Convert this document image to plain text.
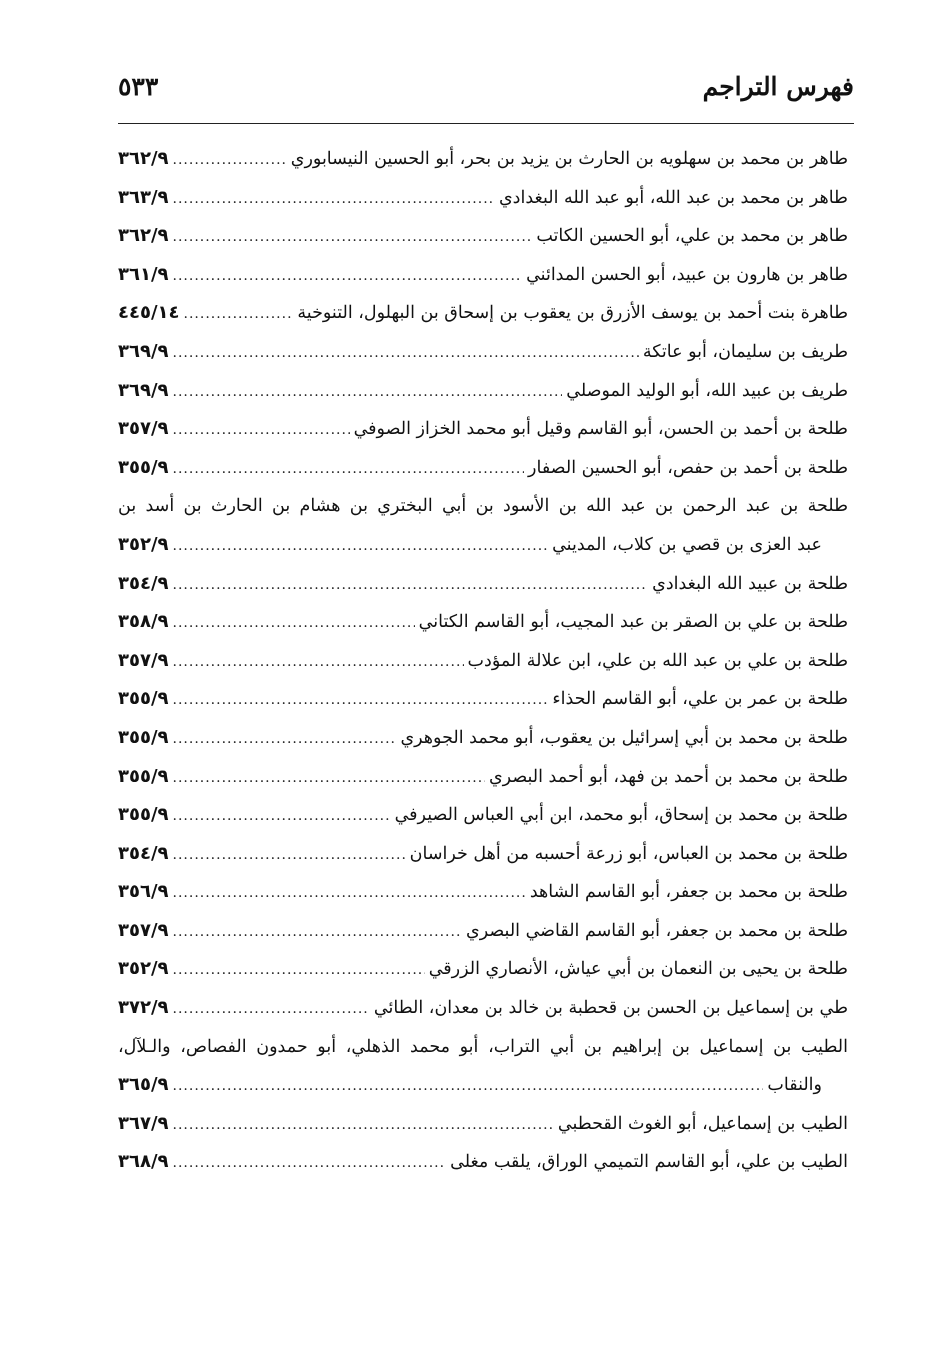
فهرس التراجم
٥٣٣
طاهر بن محمد بن سهلويه بن الحارث بن يزيد بن بحر، أبو الحسين النيسابوري
.....
٣٦٢/٩
طاهر بن محمد بن عبد الله، أبو عبد الله البغدادي
.....
٣٦٣/٩
طاهر بن محمد بن علي، أبو الحسين الكاتب
.....
٣٦٢/٩
طاهر بن هارون بن عبيد، أبو الحسن المدائني
.....
٣٦١/٩
طاهرة بنت أحمد بن يوسف الأزرق بن يعقوب بن إسحاق بن البهلول، التنوخية
.....
٤٤٥/١٤
طريف بن سليمان، أبو عاتكة
.....
٣٦٩/٩
طريف بن عبيد الله، أبو الوليد الموصلي
.....
٣٦٩/٩
طلحة بن أحمد بن الحسن، أبو القاسم وقيل أبو محمد الخزاز الصوفي
.....
٣٥٧/٩
طلحة بن أحمد بن حفص، أبو الحسين الصفار
.....
٣٥٥/٩
طلحة بن عبد الرحمن بن عبد الله بن الأسود بن أبي البختري بن هشام بن الحارث بن أسد بن
عبد العزى بن قصي بن كلاب، المديني
.....
٣٥٢/٩
طلحة بن عبيد الله البغدادي
.....
٣٥٤/٩
طلحة بن علي بن الصقر بن عبد المجيب، أبو القاسم الكتاني
.....
٣٥٨/٩
طلحة بن علي بن عبد الله بن علي، ابن علالة المؤدب
.....
٣٥٧/٩
طلحة بن عمر بن علي، أبو القاسم الحذاء
.....
٣٥٥/٩
طلحة بن محمد بن أبي إسرائيل بن يعقوب، أبو محمد الجوهري
.....
٣٥٥/٩
طلحة بن محمد بن أحمد بن فهد، أبو أحمد البصري
.....
٣٥٥/٩
طلحة بن محمد بن إسحاق، أبو محمد، ابن أبي العباس الصيرفي
.....
٣٥٥/٩
طلحة بن محمد بن العباس، أبو زرعة أحسبه من أهل خراسان
.....
٣٥٤/٩
طلحة بن محمد بن جعفر، أبو القاسم الشاهد
.....
٣٥٦/٩
طلحة بن محمد بن جعفر، أبو القاسم القاضي البصري
.....
٣٥٧/٩
طلحة بن يحيى بن النعمان بن أبي عياش، الأنصاري الزرقي
.....
٣٥٢/٩
طي بن إسماعيل بن الحسن بن قحطبة بن خالد بن معدان، الطائي
.....
٣٧٢/٩
الطيب بن إسماعيل بن إبراهيم بن أبي التراب، أبو محمد الذهلي، أبو حمدون الفصاص، والـلآل،
والنقاب
.....
٣٦٥/٩
الطيب بن إسماعيل، أبو الغوث القحطبي
.....
٣٦٧/٩
الطيب بن علي، أبو القاسم التميمي الوراق، يلقب مغلى
.....
٣٦٨/٩
